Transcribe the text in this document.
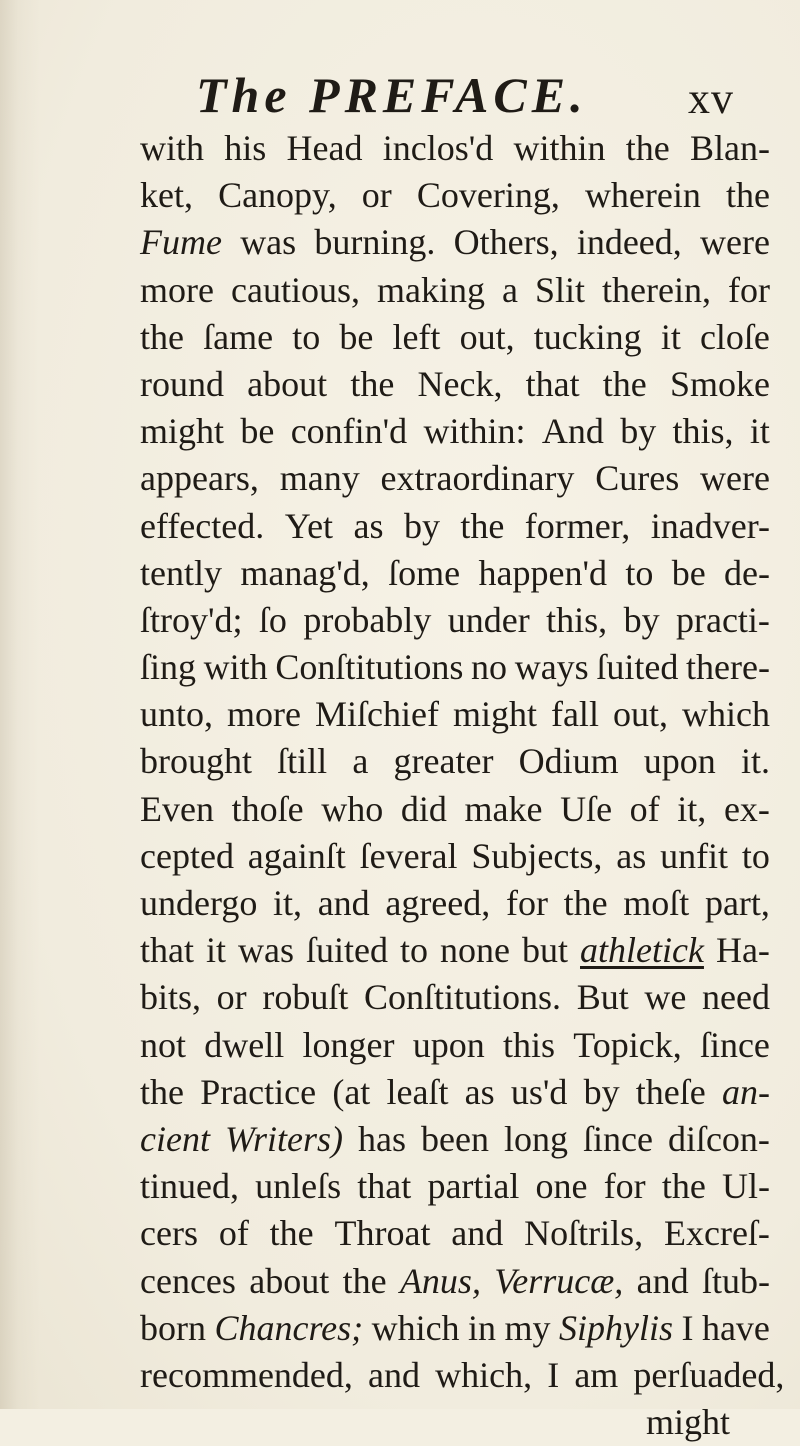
The PREFACE. xv
with his Head inclos'd within the Blan-
ket, Canopy, or Covering, wherein the
Fume was burning. Others, indeed, were
more cautious, making a Slit therein, for
the ſame to be left out, tucking it cloſe
round about the Neck, that the Smoke
might be confin'd within: And by this, it
appears, many extraordinary Cures were
effected. Yet as by the former, inadver-
tently manag'd, ſome happen'd to be de-
ſtroy'd; ſo probably under this, by practi-
ſing with Conſtitutions no ways ſuited there-
unto, more Miſchief might fall out, which
brought ſtill a greater Odium upon it.
Even thoſe who did make Uſe of it, ex-
cepted againſt ſeveral Subjects, as unfit to
undergo it, and agreed, for the moſt part,
that it was ſuited to none but athletick Ha-
bits, or robuſt Conſtitutions. But we need
not dwell longer upon this Topick, ſince
the Practice (at leaſt as us'd by theſe an-
cient Writers) has been long ſince diſcon-
tinued, unleſs that partial one for the Ul-
cers of the Throat and Noſtrils, Excreſ-
cences about the Anus, Verrucæ, and ſtub-
born Chancres; which in my Siphylis I have
recommended, and which, I am perſuaded,
might
